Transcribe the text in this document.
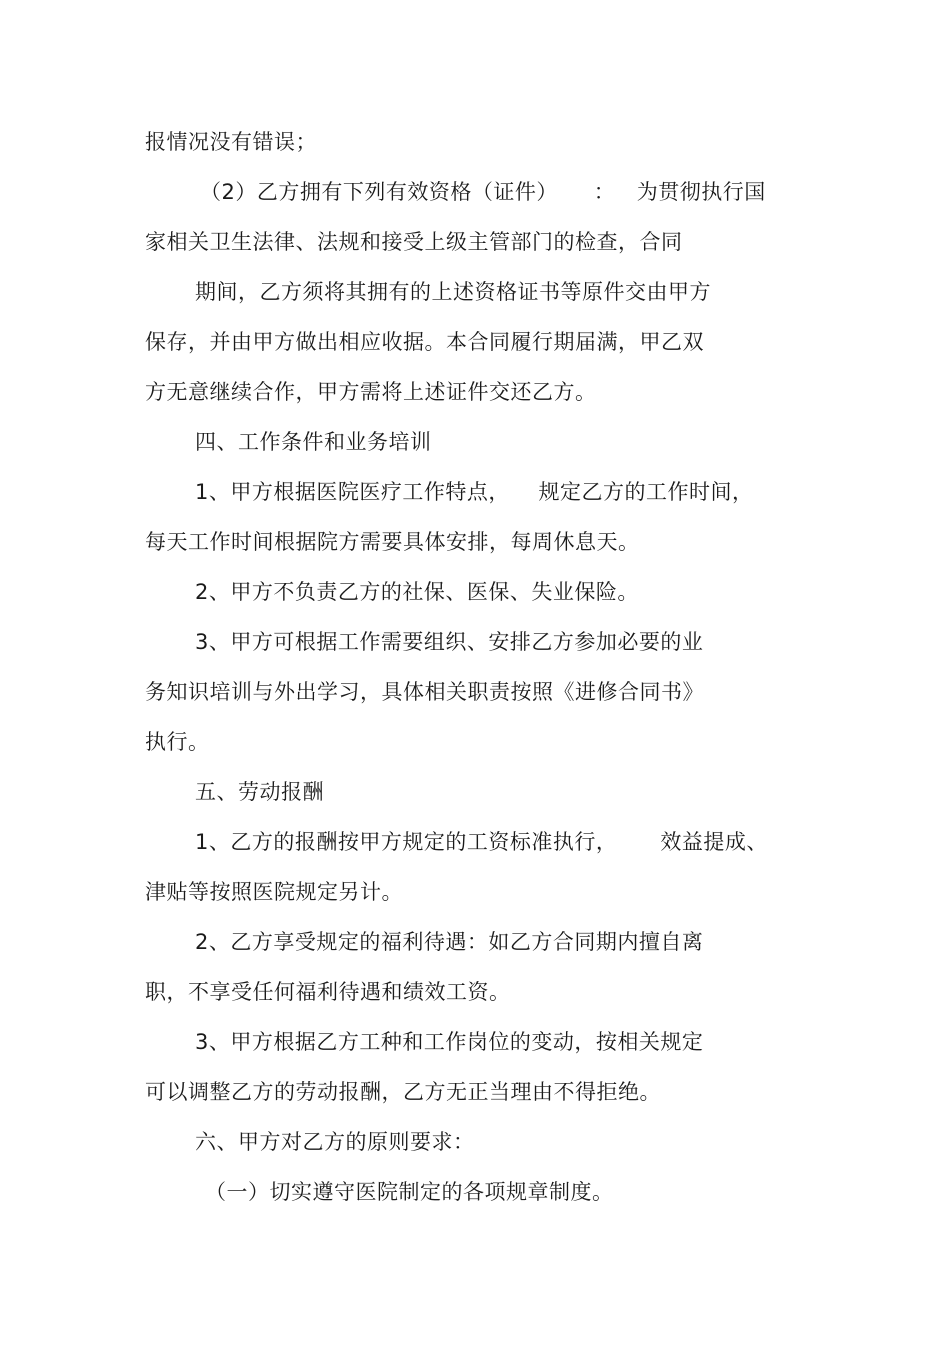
报情况没有错误；
（2）乙方拥有下列有效资格（证件）     ：   为贯彻执行国
家相关卫生法律、法规和接受上级主管部门的检查，合同
期间，乙方须将其拥有的上述资格证书等原件交由甲方
保存，并由甲方做出相应收据。本合同履行期届满，甲乙双
方无意继续合作，甲方需将上述证件交还乙方。
四、工作条件和业务培训
1、甲方根据医院医疗工作特点，    规定乙方的工作时间，
每天工作时间根据院方需要具体安排，每周休息天。
2、甲方不负责乙方的社保、医保、失业保险。
3、甲方可根据工作需要组织、安排乙方参加必要的业
务知识培训与外出学习，具体相关职责按照《进修合同书》
执行。
五、劳动报酬
1、乙方的报酬按甲方规定的工资标准执行，      效益提成、
津贴等按照医院规定另计。
2、乙方享受规定的福利待遇：如乙方合同期内擅自离
职，不享受任何福利待遇和绩效工资。
3、甲方根据乙方工种和工作岗位的变动，按相关规定
可以调整乙方的劳动报酬，乙方无正当理由不得拒绝。
六、甲方对乙方的原则要求：
（一）切实遵守医院制定的各项规章制度。
